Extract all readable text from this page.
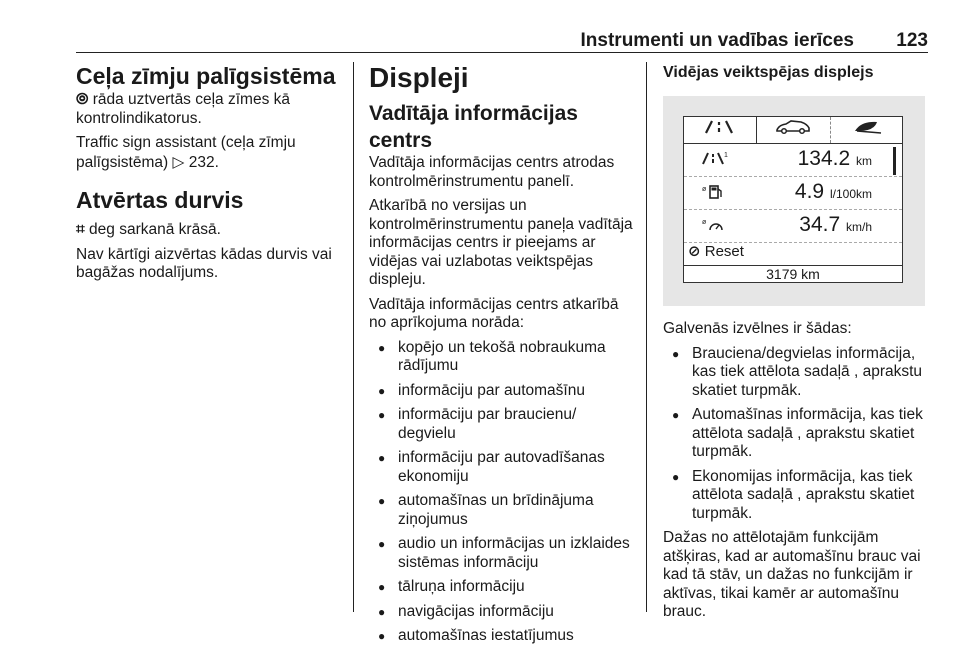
Instrumenti un vadības ierīces 123
Ceļa zīmju palīgsistēma

⦾ rāda uztvertās ceļa zīmes kā kontrolindikatorus.

Traffic sign assistant (ceļa zīmju palīgsistēma) ▷ 232.

Atvērtas durvis

⌗ deg sarkanā krāsā.

Nav kārtīgi aizvērtas kādas durvis vai bagāžas nodalījums.

Displeji
Vadītāja informācijas centrs

Vadītāja informācijas centrs atrodas kontrolmērinstrumentu panelī.

Atkarībā no versijas un kontrolmērinstrumentu paneļa vadītāja informācijas centrs ir pieejams ar vidējas vai uzlabotas veiktspējas displeju.

Vadītāja informācijas centrs atkarībā no aprīkojuma norāda:

● kopējo un tekošā nobraukuma rādījumu
● informāciju par automašīnu
● informāciju par braucienu/ degvielu
● informāciju par autovadīšanas ekonomiju
● automašīnas un brīdinājuma ziņojumus
● audio un informācijas un izklaides sistēmas informāciju
● tālruņa informāciju
● navigācijas informāciju
● automašīnas iestatījumus
Vidējas veiktspējas displejs
1	134.2 km
ø	4.9 l/100km
ø	34.7 km/h
⊘ Reset
3179 km

Galvenās izvēlnes ir šādas:

● Brauciena/degvielas informācija, kas tiek attēlota sadaļā , aprakstu skatiet turpmāk.
● Automašīnas informācija, kas tiek attēlota sadaļā , aprakstu skatiet turpmāk.
● Ekonomijas informācija, kas tiek attēlota sadaļā , aprakstu skatiet turpmāk.

Dažas no attēlotajām funkcijām atšķiras, kad ar automašīnu brauc vai kad tā stāv, un dažas no funkcijām ir aktīvas, tikai kamēr ar automašīnu brauc.
